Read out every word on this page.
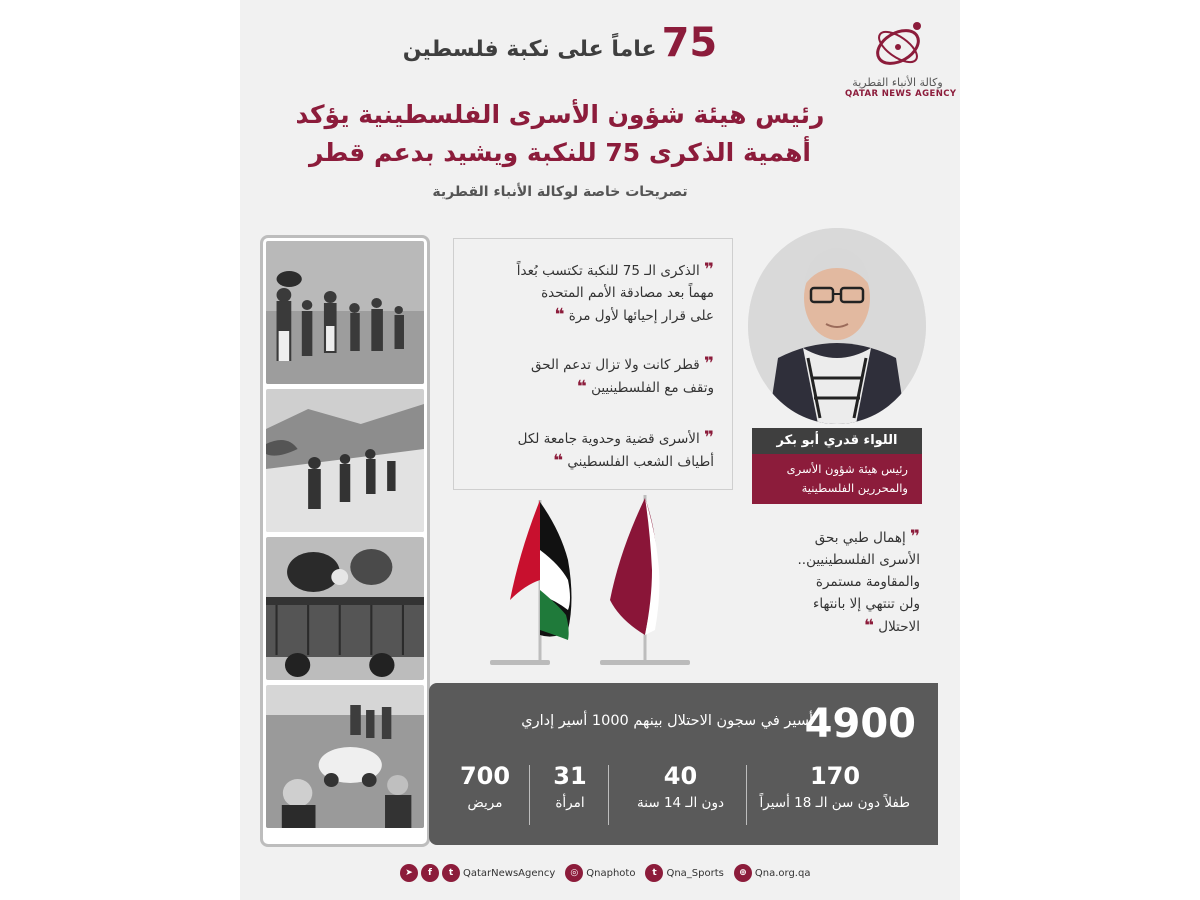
وكالة الأنباء القطرية
QATAR NEWS AGENCY
75 عاماً على نكبة فلسطين
رئيس هيئة شؤون الأسرى الفلسطينية يؤكد
أهمية الذكرى 75 للنكبة ويشيد بدعم قطر
تصريحات خاصة لوكالة الأنباء القطرية
❞ الذكرى الـ 75 للنكبة تكتسب بُعداً
مهماً بعد مصادقة الأمم المتحدة
على قرار إحيائها لأول مرة ❝
❞ قطر كانت ولا تزال تدعم الحق
وتقف مع الفلسطينيين ❝
❞ الأسرى قضية وحدوية جامعة لكل
أطياف الشعب الفلسطيني ❝
اللواء قدري أبو بكر
رئيس هيئة شؤون الأسرى
والمحررين الفلسطينية
❞ إهمال طبي بحق
الأسرى الفلسطينيين..
والمقاومة مستمرة
ولن تنتهي إلا بانتهاء
الاحتلال ❝
4900
أسير في سجون الاحتلال بينهم 1000 أسير إداري
170
طفلاً دون سن الـ 18 أسيراً
40
دون الـ 14 سنة
31
امرأة
700
مريض
➤	f	t QatarNewsAgency	◎ Qnaphoto	t Qna_Sports	⊕ Qna.org.qa
